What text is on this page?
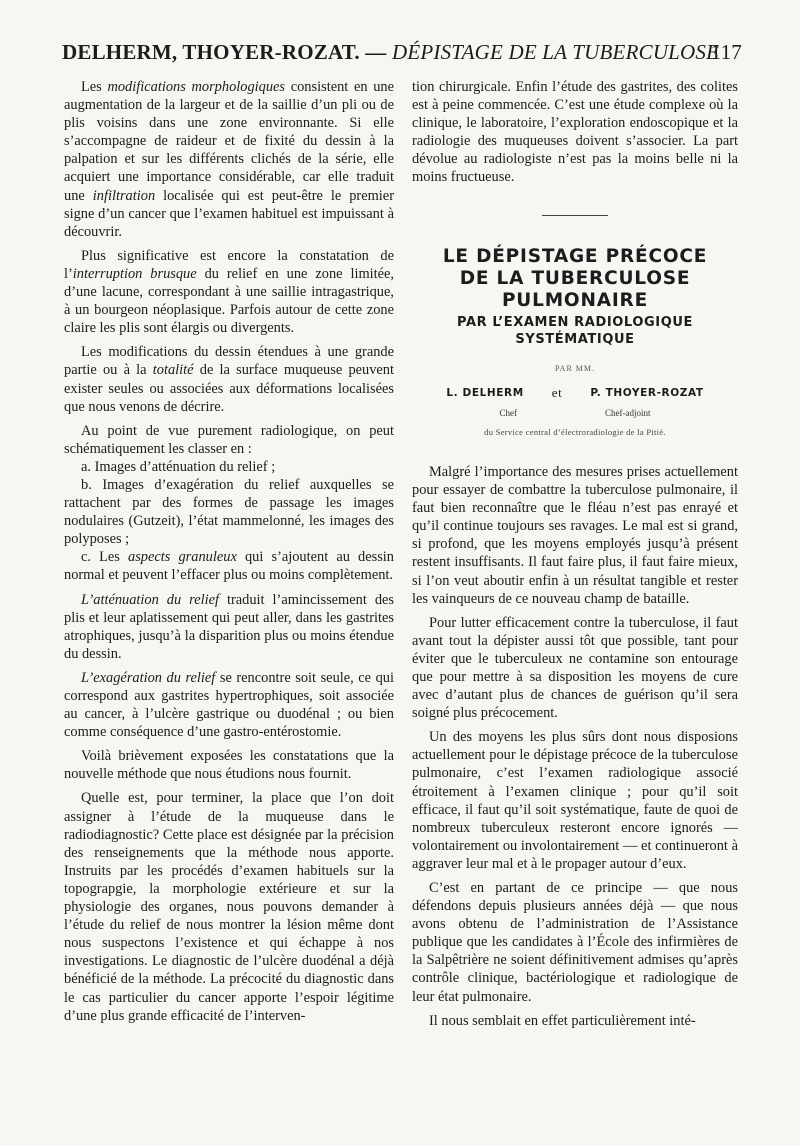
DELHERM, THOYER-ROZAT. — DÉPISTAGE DE LA TUBERCULOSE
117

Les modifications morphologiques consistent en une augmentation de la largeur et de la saillie d’un pli ou de plis voisins dans une zone environnante. Si elle s’accompagne de raideur et de fixité du dessin à la palpation et sur les différents clichés de la série, elle acquiert une importance considérable, car elle traduit une infiltration localisée qui est peut-être le premier signe d’un cancer que l’examen habituel est impuissant à découvrir.

Plus significative est encore la constatation de l’interruption brusque du relief en une zone limitée, d’une lacune, correspondant à une saillie intragastrique, à un bourgeon néoplasique. Parfois autour de cette zone claire les plis sont élargis ou divergents.

Les modifications du dessin étendues à une grande partie ou à la totalité de la surface muqueuse peuvent exister seules ou associées aux déformations localisées que nous venons de décrire.

Au point de vue purement radiologique, on peut schématiquement les classer en :

a. Images d’atténuation du relief ;

b. Images d’exagération du relief auxquelles se rattachent par des formes de passage les images nodulaires (Gutzeit), l’état mammelonné, les images des polyposes ;

c. Les aspects granuleux qui s’ajoutent au dessin normal et peuvent l’effacer plus ou moins complètement.

L’atténuation du relief traduit l’amincissement des plis et leur aplatissement qui peut aller, dans les gastrites atrophiques, jusqu’à la disparition plus ou moins étendue du dessin.

L’exagération du relief se rencontre soit seule, ce qui correspond aux gastrites hypertrophiques, soit associée au cancer, à l’ulcère gastrique ou duodénal ; ou bien comme conséquence d’une gastro-entérostomie.

Voilà brièvement exposées les constatations que la nouvelle méthode que nous étudions nous fournit.

Quelle est, pour terminer, la place que l’on doit assigner à l’étude de la muqueuse dans le radiodiagnostic? Cette place est désignée par la précision des renseignements que la méthode nous apporte. Instruits par les procédés d’examen habituels sur la topograpgie, la morphologie extérieure et sur la physiologie des organes, nous pouvons demander à l’étude du relief de nous montrer la lésion même dont nous suspectons l’existence et qui échappe à nos investigations. Le diagnostic de l’ulcère duodénal a déjà bénéficié de la méthode. La précocité du diagnostic dans le cas particulier du cancer apporte l’espoir légitime d’une plus grande efficacité de l’interven-

tion chirurgicale. Enfin l’étude des gastrites, des colites est à peine commencée. C’est une étude complexe où la clinique, le laboratoire, l’exploration endoscopique et la radiologie des muqueuses doivent s’associer. La part dévolue au radiologiste n’est pas la moins belle ni la moins fructueuse.

LE DÉPISTAGE PRÉCOCE
DE LA TUBERCULOSE
PULMONAIRE
PAR L’EXAMEN RADIOLOGIQUE
SYSTÉMATIQUE
PAR MM.
L. DELHERM et	P. THOYER-ROZAT
Chef	Chef-adjoint
du Service central d’électroradiologie de la Pitié.

Malgré l’importance des mesures prises actuellement pour essayer de combattre la tuberculose pulmonaire, il faut bien reconnaître que le fléau n’est pas enrayé et qu’il continue toujours ses ravages. Le mal est si grand, si profond, que les moyens employés jusqu’à présent restent insuffisants. Il faut faire plus, il faut faire mieux, si l’on veut aboutir enfin à un résultat tangible et rester les vainqueurs de ce nouveau champ de bataille.

Pour lutter efficacement contre la tuberculose, il faut avant tout la dépister aussi tôt que possible, tant pour éviter que le tuberculeux ne contamine son entourage que pour mettre à sa disposition les moyens de cure avec d’autant plus de chances de guérison qu’il sera soigné plus précocement.

Un des moyens les plus sûrs dont nous disposions actuellement pour le dépistage précoce de la tuberculose pulmonaire, c’est l’examen radiologique associé étroitement à l’examen clinique ; pour qu’il soit efficace, il faut qu’il soit systématique, faute de quoi de nombreux tuberculeux resteront encore ignorés — volontairement ou involontairement — et continueront à aggraver leur mal et à le propager autour d’eux.

C’est en partant de ce principe — que nous défendons depuis plusieurs années déjà — que nous avons obtenu de l’administration de l’Assistance publique que les candidates à l’École des infirmières de la Salpêtrière ne soient définitivement admises qu’après contrôle clinique, bactériologique et radiologique de leur état pulmonaire.

Il nous semblait en effet particulièrement inté-
